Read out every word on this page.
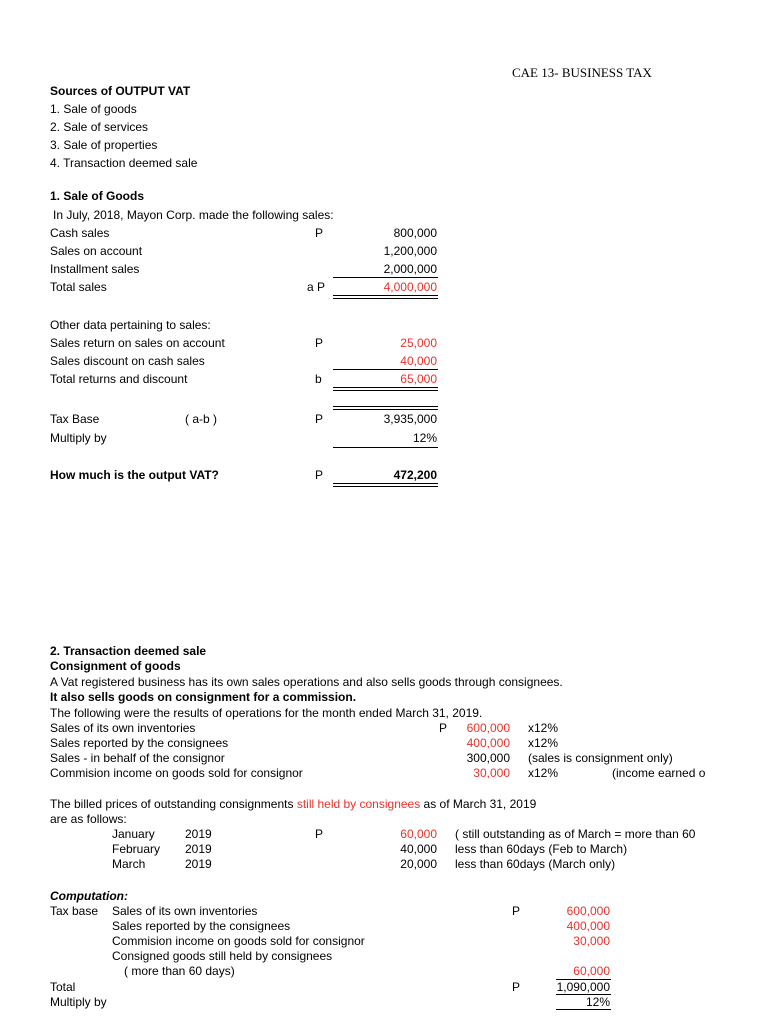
CAE 13- BUSINESS TAX
Sources of OUTPUT VAT
1. Sale of goods
2. Sale of services
3. Sale of properties
4. Transaction deemed sale
1. Sale of Goods
In July, 2018, Mayon Corp. made the following sales:
Cash sales	P	800,000
Sales on account	1,200,000
Installment sales	2,000,000
Total sales	a P	4,000,000
Other data pertaining to sales:
Sales return on sales on account	P	25,000
Sales discount on cash sales	40,000
Total returns and discount	b	65,000
Tax Base	( a-b )	P	3,935,000
Multiply by	12%
How much is the output VAT?	P	472,200
2. Transaction deemed sale
Consignment of goods
A Vat registered business has its own sales operations and also sells goods through consignees.
It also sells goods on consignment for a commission.
The following were the results of operations for the month ended March 31, 2019.
Sales of its own inventories	P	600,000 x12%
Sales reported by the consignees	400,000 x12%
Sales - in behalf of the consignor	300,000 (sales is consignment only)
Commision income on goods sold for consignor	30,000 x12%	(income earned o
The billed prices of outstanding consignments still held by consignees as of March 31, 2019
are as follows:
January	2019	P	60,000 ( still outstanding as of March = more than 60
February 2019	40,000 less than 60days (Feb to March)
March	2019	20,000 less than 60days (March only)
Computation:
Tax base Sales of its own inventories	P	600,000
Sales reported by the consignees	400,000
Commision income on goods sold for consignor	30,000
Consigned goods still held by consignees
( more than 60 days)	60,000
Total	P	1,090,000
Multiply by	12%
